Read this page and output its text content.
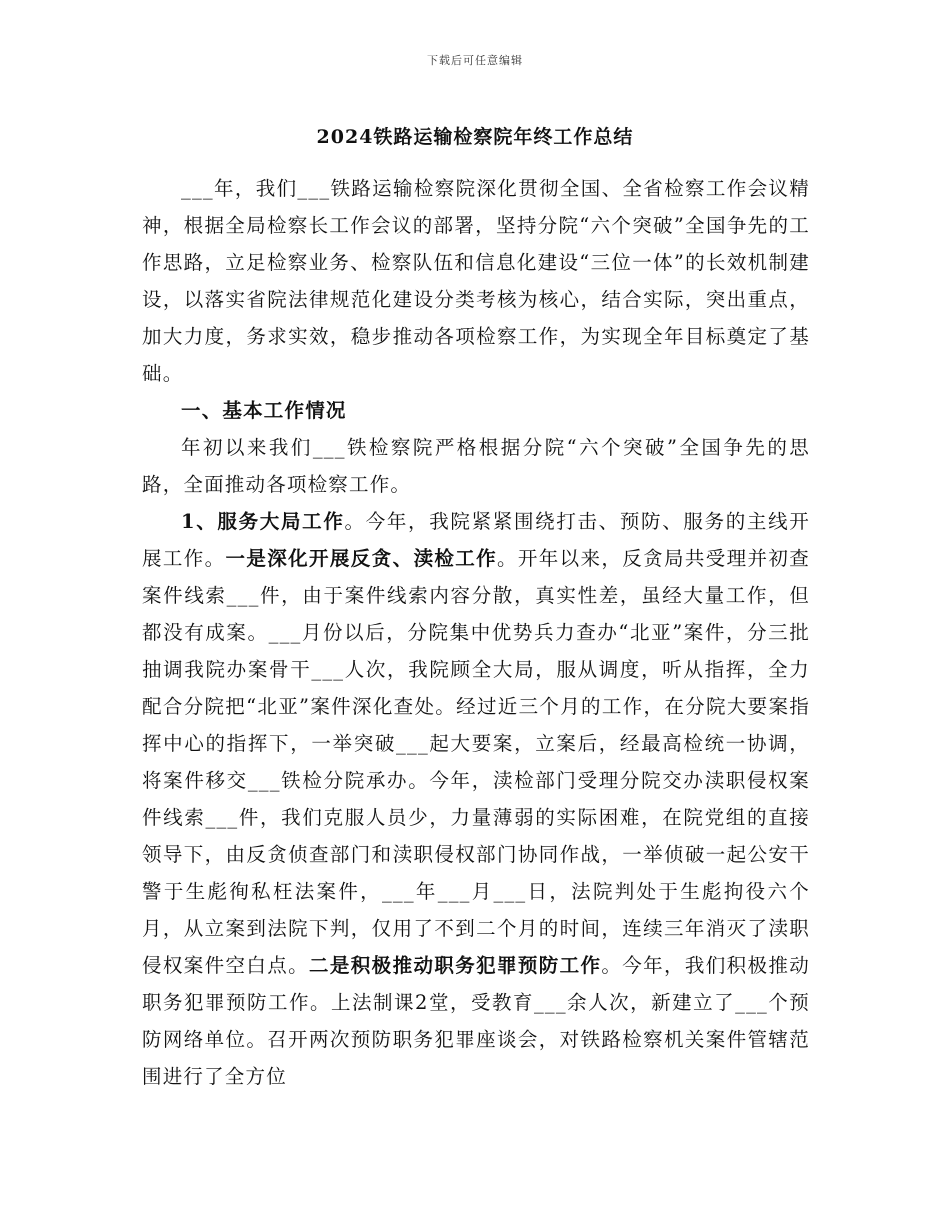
下载后可任意编辑
2024铁路运输检察院年终工作总结

___年，我们___铁路运输检察院深化贯彻全国、全省检察工作会议精神，根据全局检察长工作会议的部署，坚持分院“六个突破”全国争先的工作思路，立足检察业务、检察队伍和信息化建设“三位一体”的长效机制建设，以落实省院法律规范化建设分类考核为核心，结合实际，突出重点，加大力度，务求实效，稳步推动各项检察工作，为实现全年目标奠定了基础。

一、基本工作情况

年初以来我们___铁检察院严格根据分院“六个突破”全国争先的思路，全面推动各项检察工作。

1、服务大局工作。今年，我院紧紧围绕打击、预防、服务的主线开展工作。一是深化开展反贪、渎检工作。开年以来，反贪局共受理并初查案件线索___件，由于案件线索内容分散，真实性差，虽经大量工作，但都没有成案。___月份以后，分院集中优势兵力查办“北亚”案件，分三批抽调我院办案骨干___人次，我院顾全大局，服从调度，听从指挥，全力配合分院把“北亚”案件深化查处。经过近三个月的工作，在分院大要案指挥中心的指挥下，一举突破___起大要案，立案后，经最高检统一协调，将案件移交___铁检分院承办。今年，渎检部门受理分院交办渎职侵权案件线索___件，我们克服人员少，力量薄弱的实际困难，在院党组的直接领导下，由反贪侦查部门和渎职侵权部门协同作战，一举侦破一起公安干警于生彪徇私枉法案件，___年___月___日，法院判处于生彪拘役六个月，从立案到法院下判，仅用了不到二个月的时间，连续三年消灭了渎职侵权案件空白点。二是积极推动职务犯罪预防工作。今年，我们积极推动职务犯罪预防工作。上法制课2堂，受教育___余人次，新建立了___个预防网络单位。召开两次预防职务犯罪座谈会，对铁路检察机关案件管辖范围进行了全方位
